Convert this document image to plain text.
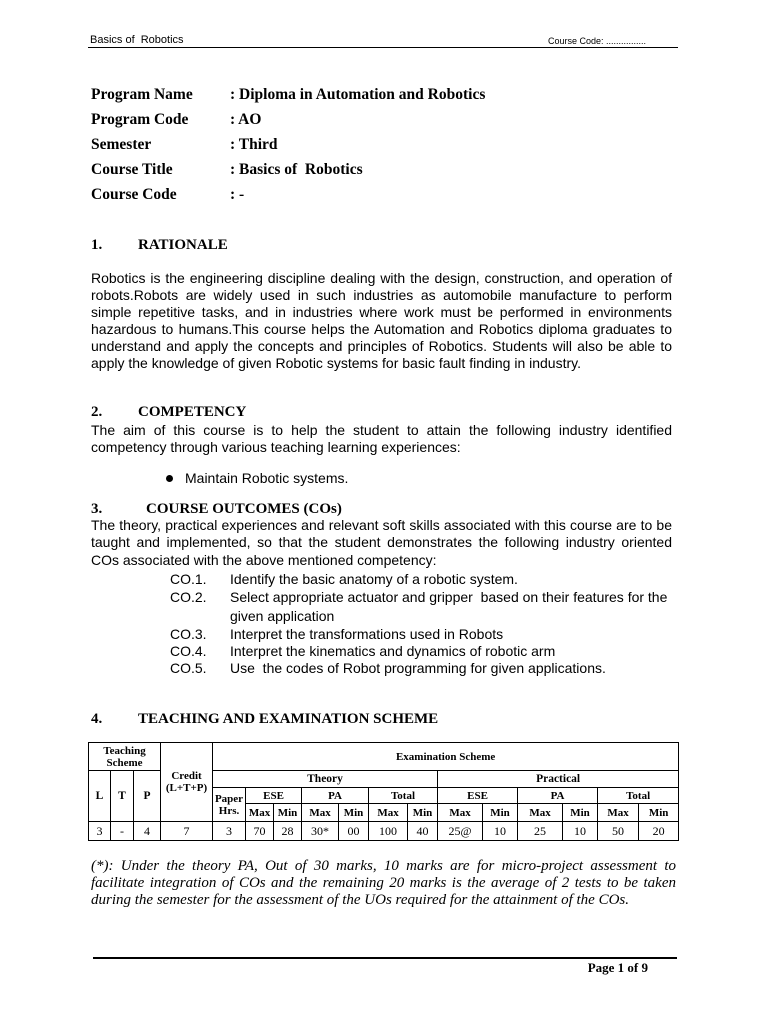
Basics of  Robotics	Course Code: ................
Program Name : Diploma in Automation and Robotics
Program Code	: AO
Semester	: Third
Course Title	: Basics of  Robotics
Course Code	: -
1. RATIONALE
Robotics is the engineering discipline dealing with the design, construction, and operation of robots.Robots are widely used in such industries as automobile manufacture to perform simple repetitive tasks, and in industries where work must be performed in environments hazardous to humans.This course helps the Automation and Robotics diploma graduates to understand and apply the concepts and principles of Robotics. Students will also be able to apply the knowledge of given Robotic systems for basic fault finding in industry.
2. COMPETENCY
The aim of this course is to help the student to attain the following industry identified competency through various teaching learning experiences:
Maintain Robotic systems.
3.	COURSE OUTCOMES (COs)
The theory, practical experiences and relevant soft skills associated with this course are to be taught and implemented, so that the student demonstrates the following industry oriented COs associated with the above mentioned competency:
CO.1.	Identify the basic anatomy of a robotic system.
CO.2.	Select appropriate actuator and gripper  based on their features for the given application
CO.3.	Interpret the transformations used in Robots
CO.4.	Interpret the kinematics and dynamics of robotic arm
CO.5.	Use  the codes of Robot programming for given applications.
4. TEACHING AND EXAMINATION SCHEME
Teaching Scheme			Credit (L+T+P)	Examination Scheme												
L	T	P		Theory							Practical					
				Paper Hrs.	ESE		PA		Total		ESE		PA		Total	
					Max	Min	Max	Min	Max	Min	Max	Min	Max	Min	Max	Min
3	-	4	7	3	70	28	30*	00	100	40	25@	10	25	10	50	20
(*): Under the theory PA, Out of 30 marks, 10 marks are for micro-project assessment to facilitate integration of COs and the remaining 20 marks is the average of 2 tests to be taken during the semester for the assessment of the UOs required for the attainment of the COs.
Page 1 of 9
